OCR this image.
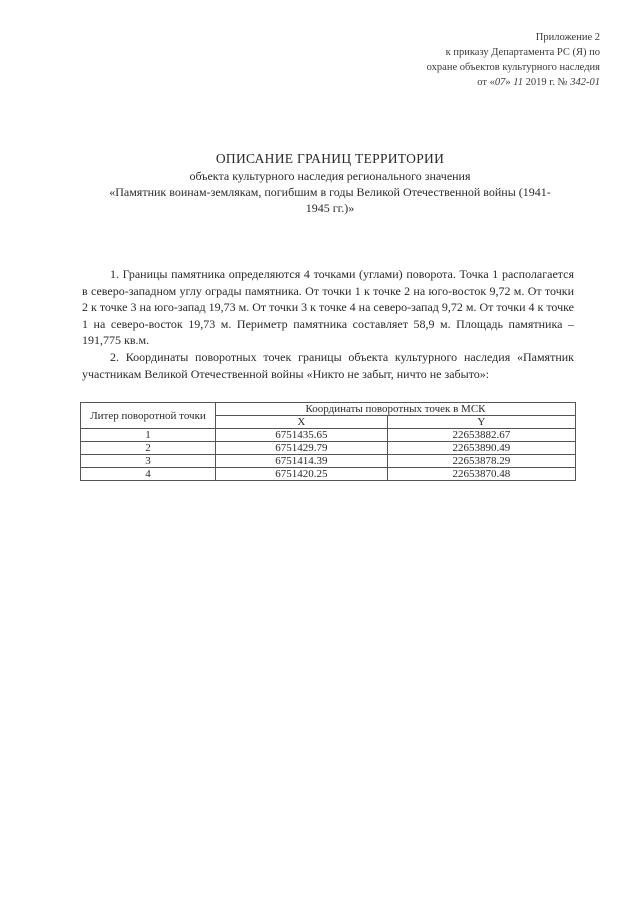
Приложение 2
к приказу Департамента РС (Я) по
охране объектов культурного наследия
от «07» 11 2019 г. № 342-01
ОПИСАНИЕ ГРАНИЦ ТЕРРИТОРИИ
объекта культурного наследия регионального значения
«Памятник воинам-землякам, погибшим в годы Великой Отечественной войны (1941-
1945 гг.)»

1. Границы памятника определяются 4 точками (углами) поворота. Точка 1 располагается в северо-западном углу ограды памятника. От точки 1 к точке 2 на юго-восток 9,72 м. От точки 2 к точке 3 на юго-запад 19,73 м. От точки 3 к точке 4 на северо-запад 9,72 м. От точки 4 к точке 1 на северо-восток 19,73 м. Периметр памятника составляет 58,9 м. Площадь памятника – 191,775 кв.м.

2. Координаты поворотных точек границы объекта культурного наследия «Памятник участникам Великой Отечественной войны «Никто не забыт, ничто не забыто»:

Литер поворотной точки	Координаты поворотных точек в МСК	
	X	Y
1	6751435.65	22653882.67
2	6751429.79	22653890.49
3	6751414.39	22653878.29
4	6751420.25	22653870.48
